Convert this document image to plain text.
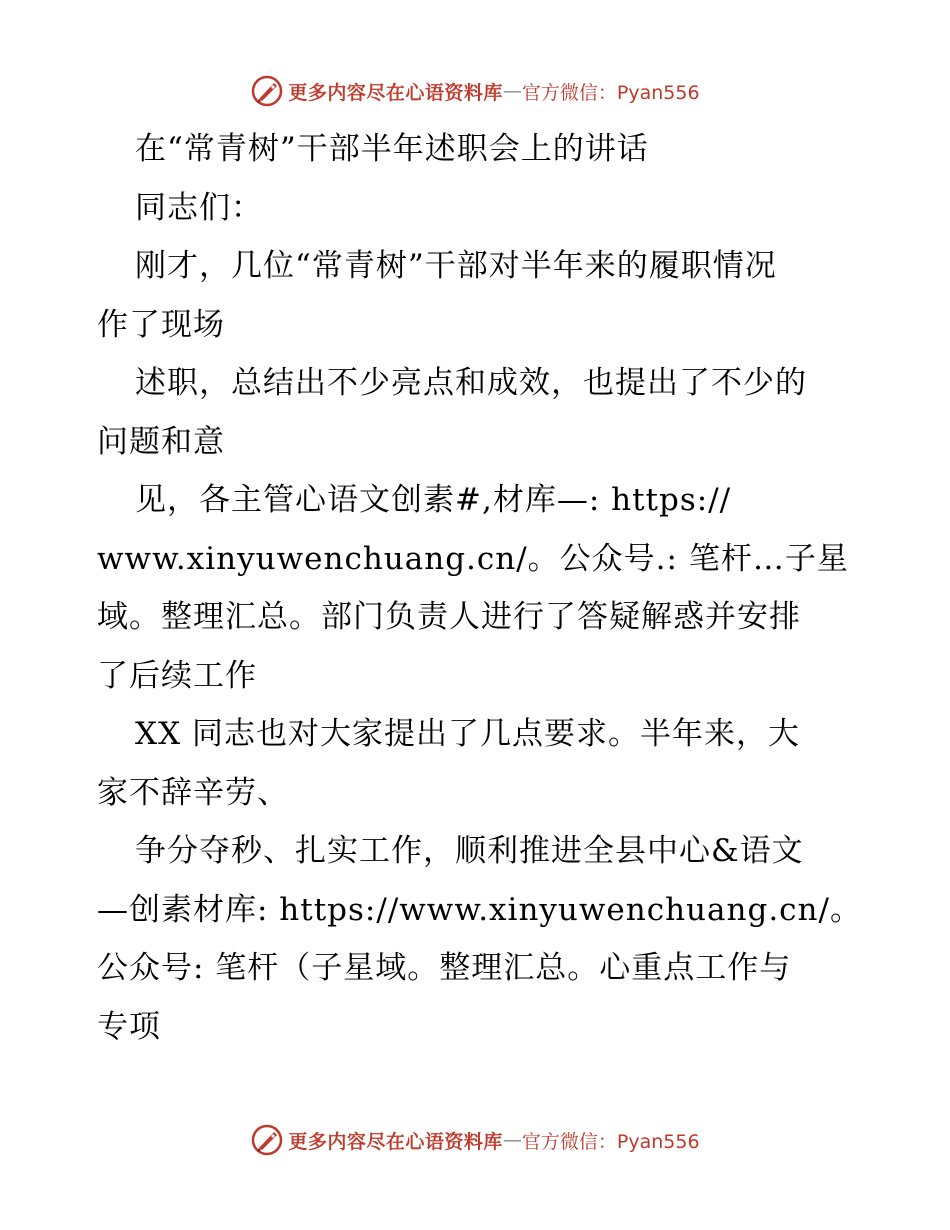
更多内容尽在心语资料库 — 官方微信：Pyan556
在“常青树”干部半年述职会上的讲话
同志们：
刚才，几位“常青树”干部对半年来的履职情况
作了现场
述职，总结出不少亮点和成效，也提出了不少的
问题和意
见，各主管心语文创素#,材库—: https://
www.xinyuwenchuang.cn/。公众号.: 笔杆…子星
域。整理汇总。部门负责人进行了答疑解惑并安排
了后续工作
XX 同志也对大家提出了几点要求。半年来，大
家不辞辛劳、
争分夺秒、扎实工作，顺利推进全县中心&语文
—创素材库: https://www.xinyuwenchuang.cn/。
公众号: 笔杆（子星域。整理汇总。心重点工作与
专项
更多内容尽在心语资料库 — 官方微信：Pyan556
